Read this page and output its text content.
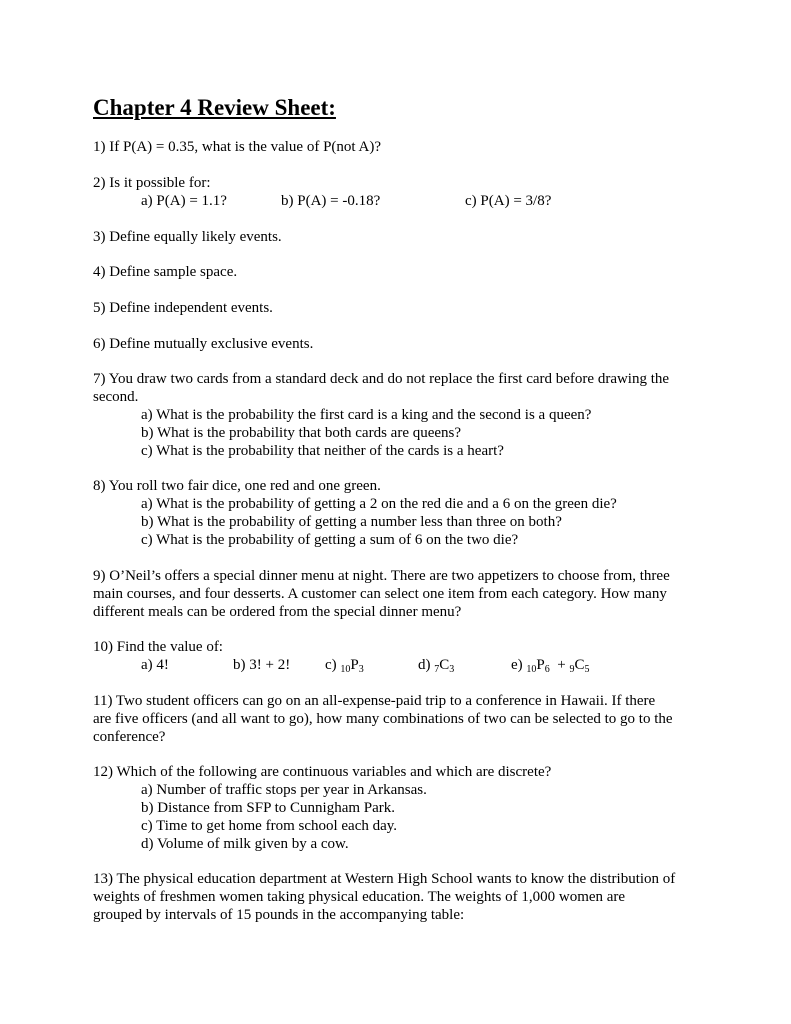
Chapter 4 Review Sheet:
1) If P(A) = 0.35, what is the value of P(not A)?
2) Is it possible for:
a) P(A) = 1.1?	b) P(A) = -0.18?	c) P(A) = 3/8?
3) Define equally likely events.
4) Define sample space.
5) Define independent events.
6) Define mutually exclusive events.
7) You draw two cards from a standard deck and do not replace the first card before drawing the
second.
a) What is the probability the first card is a king and the second is a queen?
b) What is the probability that both cards are queens?
c) What is the probability that neither of the cards is a heart?
8) You roll two fair dice, one red and one green.
a) What is the probability of getting a 2 on the red die and a 6 on the green die?
b) What is the probability of getting a number less than three on both?
c) What is the probability of getting a sum of 6 on the two die?
9) O’Neil’s offers a special dinner menu at night. There are two appetizers to choose from, three
main courses, and four desserts. A customer can select one item from each category. How many
different meals can be ordered from the special dinner menu?
10) Find the value of:
a) 4!	b) 3! + 2! c) $_{10}P_3$	d) $_7C_3$	e) $_{10}P_6 + _9C_5$
11) Two student officers can go on an all-expense-paid trip to a conference in Hawaii. If there
are five officers (and all want to go), how many combinations of two can be selected to go to the
conference?
12) Which of the following are continuous variables and which are discrete?
a) Number of traffic stops per year in Arkansas.
b) Distance from SFP to Cunnigham Park.
c) Time to get home from school each day.
d) Volume of milk given by a cow.
13) The physical education department at Western High School wants to know the distribution of
weights of freshmen women taking physical education. The weights of 1,000 women are
grouped by intervals of 15 pounds in the accompanying table:
